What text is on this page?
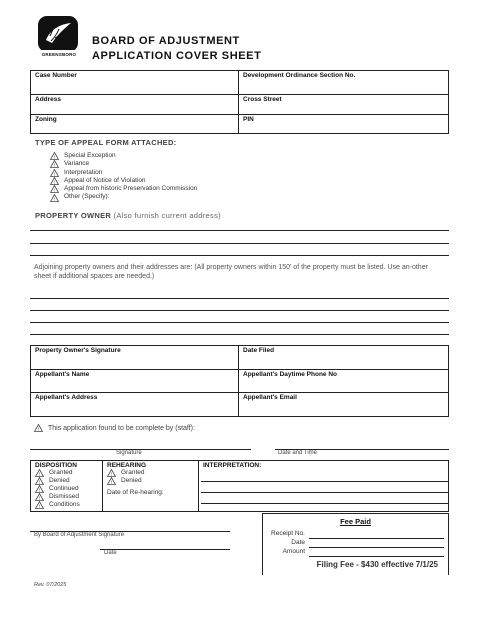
GREENSBORO
BOARD OF ADJUSTMENT
APPLICATION COVER SHEET
Case Number	Development Ordinance Section No.
Address	Cross Street
Zoning	PIN
TYPE OF APPEAL FORM ATTACHED:
! Special Exception
! Variance
! Interpretation
! Appeal of Notice of Violation
! Appeal from historic Preservation Commission
! Other (Specify):
PROPERTY OWNER (Also furnish current address)
Adjoining property owners and their addresses are: (All property owners within 150' of the property must be listed. Use an-other sheet if additional spaces are needed.)
Property Owner's Signature	Date Filed
Appellant's Name	Appellant's Daytime Phone No
Appellant's Address	Appellant's Email
! This application found to be complete by (staff):
Signature	Date and Time
DISPOSITION
! Granted
! Denied
! Continued
! Dismissed
! Conditions

REHEARING
! Granted
! Denied
Date of Re-hearing:

INTERPRETATION:
By Board of Adjustment Signature
Date
Fee Paid
Receipt No.
Date
Amount
Filing Fee - $430 effective 7/1/25
Rev. 07/2025
